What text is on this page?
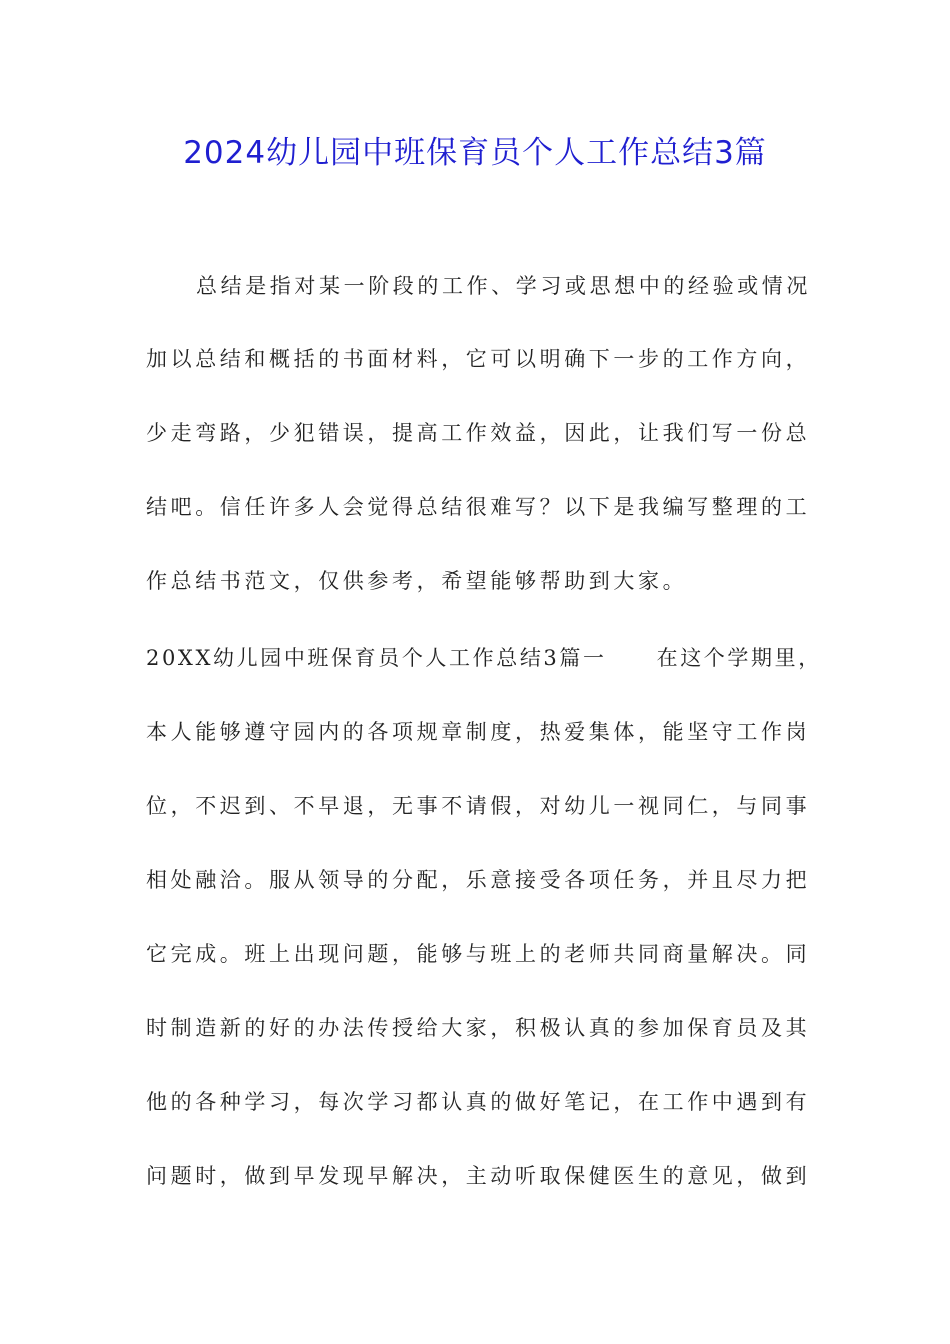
2024幼儿园中班保育员个人工作总结3篇
总结是指对某一阶段的工作、学习或思想中的经验或情况
加以总结和概括的书面材料，它可以明确下一步的工作方向，
少走弯路，少犯错误，提高工作效益，因此，让我们写一份总
结吧。信任许多人会觉得总结很难写？以下是我编写整理的工
作总结书范文，仅供参考，希望能够帮助到大家。
20XX幼儿园中班保育员个人工作总结3篇一 在这个学期里，
本人能够遵守园内的各项规章制度，热爱集体，能坚守工作岗
位，不迟到、不早退，无事不请假，对幼儿一视同仁，与同事
相处融洽。服从领导的分配，乐意接受各项任务，并且尽力把
它完成。班上出现问题，能够与班上的老师共同商量解决。同
时制造新的好的办法传授给大家，积极认真的参加保育员及其
他的各种学习，每次学习都认真的做好笔记，在工作中遇到有
问题时，做到早发现早解决，主动听取保健医生的意见，做到
